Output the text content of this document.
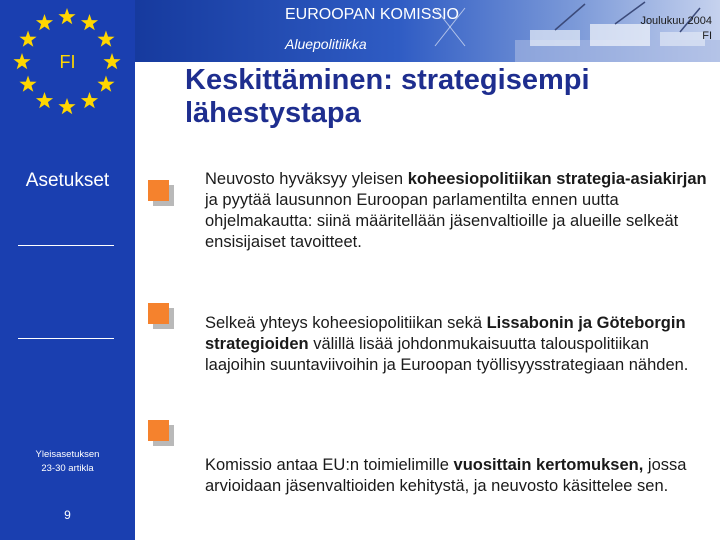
FI
Asetukset
Yleisasetuksen
23-30 artikla
9
EUROOPAN KOMISSIO
Aluepolitiikka
Joulukuu 2004
FI
Keskittäminen: strategisempi
lähestystapa
Neuvosto hyväksyy yleisen koheesiopolitiikan strategia-asiakirjan ja pyytää lausunnon Euroopan parlamentilta ennen uutta ohjelmakautta: siinä määritellään jäsenvaltioille ja alueille selkeät ensisijaiset tavoitteet.
Selkeä yhteys koheesiopolitiikan sekä Lissabonin ja Göteborgin strategioiden välillä lisää johdonmukaisuutta talouspolitiikan laajoihin suuntaviivoihin ja Euroopan työllisyysstrategiaan nähden.
Komissio antaa EU:n toimielimille vuosittain kertomuksen, jossa arvioidaan jäsenvaltioiden kehitystä, ja neuvosto käsittelee sen.
